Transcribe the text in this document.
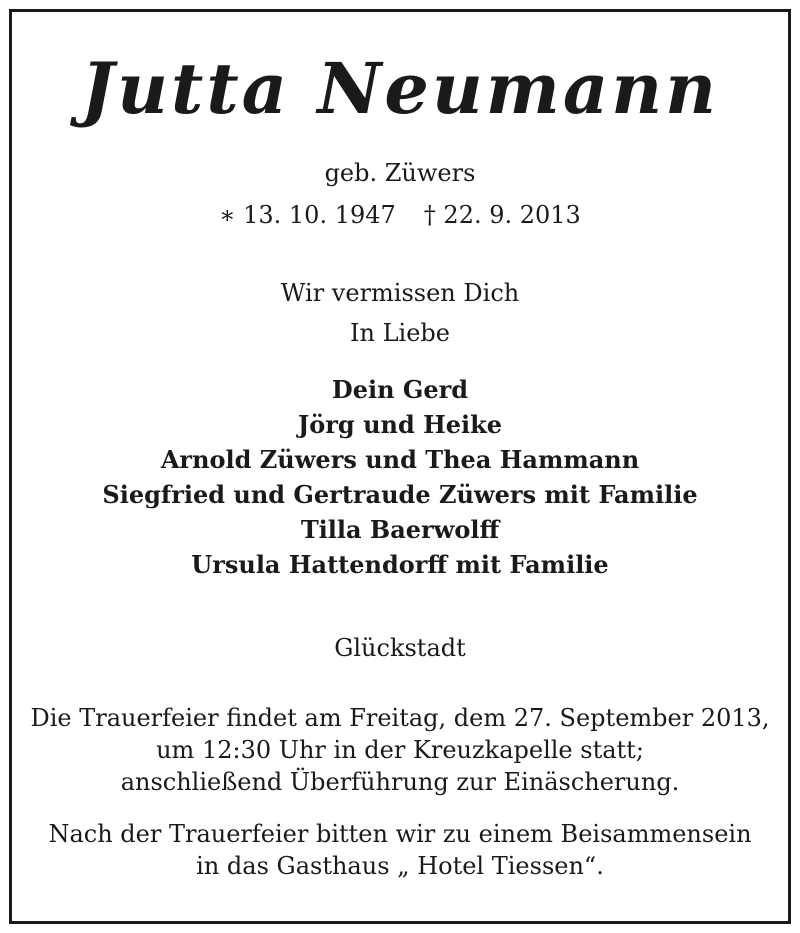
Jutta Neumann
geb. Züwers
∗ 13. 10. 1947 † 22. 9. 2013
Wir vermissen Dich
In Liebe
Dein Gerd
Jörg und Heike
Arnold Züwers und Thea Hammann
Siegfried und Gertraude Züwers mit Familie
Tilla Baerwolff
Ursula Hattendorff mit Familie
Glückstadt
Die Trauerfeier findet am Freitag, dem 27. September 2013,
um 12:30 Uhr in der Kreuzkapelle statt;
anschließend Überführung zur Einäscherung.
Nach der Trauerfeier bitten wir zu einem Beisammensein
in das Gasthaus „ Hotel Tiessen“.
